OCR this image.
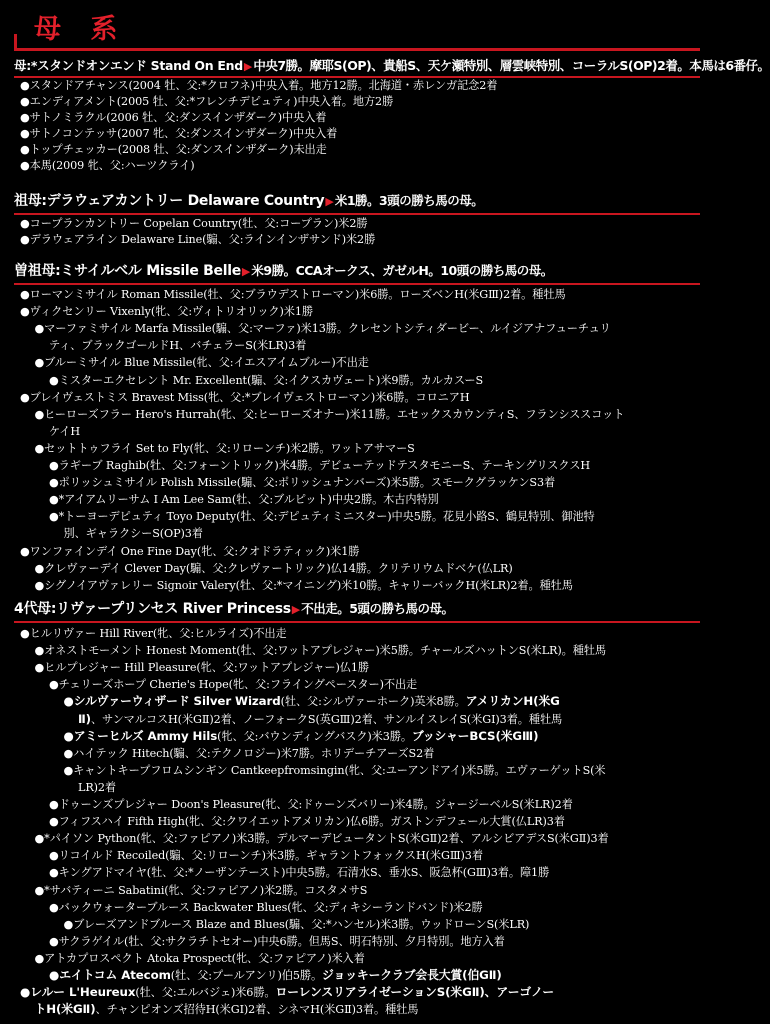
母 系
母:*スタンドオンエンド Stand On End▶中央7勝。摩耶S(OP)、貴船S、天ケ瀬特別、層雲峡特別、コーラルS(OP)2着。本馬は6番仔。
●スタンドアチャンス(2004 牡、父:*クロフネ)中央入着。地方12勝。北海道・赤レンガ記念2着
●エンディアメント(2005 牡、父:*フレンチデピュティ)中央入着。地方2勝
●サトノミラクル(2006 牡、父:ダンスインザダーク)中央入着
●サトノコンテッサ(2007 牝、父:ダンスインザダーク)中央入着
●トップチェッカー(2008 牡、父:ダンスインザダーク)未出走
●本馬(2009 牝、父:ハーツクライ)
祖母:デラウェアカントリー Delaware Country▶米1勝。3頭の勝ち馬の母。
●コープランカントリー Copelan Country(牡、父:コープラン)米2勝
●デラウェアライン Delaware Line(騸、父:ラインインザサンド)米2勝
曽祖母:ミサイルベル Missile Belle▶米9勝。CCAオークス、ガゼルH。10頭の勝ち馬の母。
●ローマンミサイル Roman Missile(牡、父:ブラウデストローマン)米6勝。ローズベンH(米GⅢ)2着。種牡馬
●ヴィクセンリー Vixenly(牝、父:ヴィトリオリック)米1勝
●マーファミサイル Marfa Missile(騸、父:マーファ)米13勝。クレセントシティダービー、ルイジアナフューチュリ
ティ、ブラックゴールドH、バチェラーS(米LR)3着
●ブルーミサイル Blue Missile(牝、父:イエスアイムブルー)不出走
●ミスターエクセレント Mr. Excellent(騸、父:イクスカヴェート)米9勝。カルカスーS
●ブレイヴェストミス Bravest Miss(牝、父:*ブレイヴェストローマン)米6勝。コロニアH
●ヒーローズフラー Hero's Hurrah(牝、父:ヒーローズオナー)米11勝。エセックスカウンティS、フランシススコット
ケイH
●セットトゥフライ Set to Fly(牝、父:リローンチ)米2勝。ワットアサマーS
●ラギーブ Raghib(牡、父:フォーントリック)米4勝。デビューテッドテスタモニーS、テーキングリスクスH
●ポリッシュミサイル Polish Missile(騸、父:ポリッシュナンバーズ)米5勝。スモークグラッケンS3着
●*アイアムリーサム I Am Lee Sam(牡、父:ブルピット)中央2勝。木古内特別
●*トーヨーデピュティ Toyo Deputy(牡、父:デピュティミニスター)中央5勝。花見小路S、鶴見特別、御池特
別、ギャラクシーS(OP)3着
●ワンファインデイ One Fine Day(牝、父:クオドラティック)米1勝
●クレヴァーデイ Clever Day(騸、父:クレヴァートリック)仏14勝。クリテリウムドベケ(仏LR)
●シグノイアヴァレリー Signoir Valery(牡、父:*マイニング)米10勝。キャリーバックH(米LR)2着。種牡馬
4代母:リヴァープリンセス River Princess▶不出走。5頭の勝ち馬の母。
●ヒルリヴァー Hill River(牝、父:ヒルライズ)不出走
●オネストモーメント Honest Moment(牡、父:ワットアプレジャー)米5勝。チャールズハットンS(米LR)。種牡馬
●ヒルプレジャー Hill Pleasure(牝、父:ワットアプレジャー)仏1勝
●チェリーズホープ Cherie's Hope(牝、父:フライングペースター)不出走
●シルヴァーウィザード Silver Wizard(牡、父:シルヴァーホーク)英米8勝。アメリカンH(米G
Ⅱ)、サンマルコスH(米GⅡ)2着、ノーフォークS(英GⅢ)2着、サンルイスレイS(米GⅠ)3着。種牡馬
●アミーヒルズ Ammy Hils(牝、父:バウンディングバスク)米3勝。ブッシャーBCS(米GⅢ)
●ハイテック Hitech(騸、父:テクノロジー)米7勝。ホリデーチアーズS2着
●キャントキープフロムシンギン Cantkeepfromsingin(牝、父:ユーアンドアイ)米5勝。エヴァーゲットS(米
LR)2着
●ドゥーンズプレジャー Doon's Pleasure(牝、父:ドゥーンズバリー)米4勝。ジャージーベルS(米LR)2着
●フィフスハイ Fifth High(牝、父:クワイエットアメリカン)仏6勝。ガストンデフェール大賞(仏LR)3着
●*パイソン Python(牝、父:ファピアノ)米3勝。デルマーデビュータントS(米GⅡ)2着、アルシビアデスS(米GⅡ)3着
●リコイルド Recoiled(騸、父:リローンチ)米3勝。ギャラントフォックスH(米GⅢ)3着
●キングアドマイヤ(牡、父:*ノーザンテースト)中央5勝。石清水S、垂水S、阪急杯(GⅢ)3着。障1勝
●*サバティーニ Sabatini(牝、父:ファピアノ)米2勝。コスタメサS
●バックウォーターブルース Backwater Blues(牝、父:ディキシーランドバンド)米2勝
●ブレーズアンドブルース Blaze and Blues(騸、父:*ハンセル)米3勝。ウッドローンS(米LR)
●サクラゲイル(牡、父:サクラチトセオー)中央6勝。但馬S、明石特別、夕月特別。地方入着
●アトカプロスペクト Atoka Prospect(牝、父:ファピアノ)米入着
●エイトコム Atecom(牡、父:プールアンリ)伯5勝。ジョッキークラブ会長大賞(伯GⅡ)
●レルー L'Heureux(牡、父:エルバジェ)米6勝。ローレンスリアライゼーションS(米GⅡ)、アーゴノー
トH(米GⅡ)、チャンピオンズ招待H(米GⅠ)2着、シネマH(米GⅡ)3着。種牡馬
